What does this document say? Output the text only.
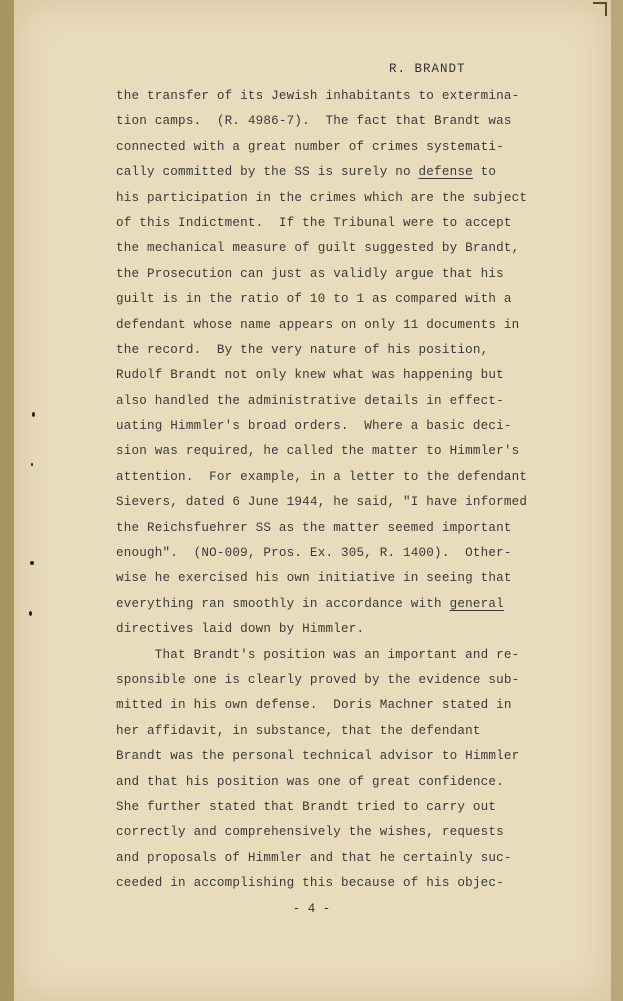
R. BRANDT
the transfer of its Jewish inhabitants to extermina-
tion camps.  (R. 4986-7).  The fact that Brandt was
connected with a great number of crimes systemati-
cally committed by the SS is surely no defense to
his participation in the crimes which are the subject
of this Indictment.  If the Tribunal were to accept
the mechanical measure of guilt suggested by Brandt,
the Prosecution can just as validly argue that his
guilt is in the ratio of 10 to 1 as compared with a
defendant whose name appears on only 11 documents in
the record.  By the very nature of his position,
Rudolf Brandt not only knew what was happening but
also handled the administrative details in effect-
uating Himmler's broad orders.  Where a basic deci-
sion was required, he called the matter to Himmler's
attention.  For example, in a letter to the defendant
Sievers, dated 6 June 1944, he said, "I have informed
the Reichsfuehrer SS as the matter seemed important
enough".  (NO-009, Pros. Ex. 305, R. 1400).  Other-
wise he exercised his own initiative in seeing that
everything ran smoothly in accordance with general
directives laid down by Himmler.
That Brandt's position was an important and re-
sponsible one is clearly proved by the evidence sub-
mitted in his own defense.  Doris Machner stated in
her affidavit, in substance, that the defendant
Brandt was the personal technical advisor to Himmler
and that his position was one of great confidence.
She further stated that Brandt tried to carry out
correctly and comprehensively the wishes, requests
and proposals of Himmler and that he certainly suc-
ceeded in accomplishing this because of his objec-
- 4 -
